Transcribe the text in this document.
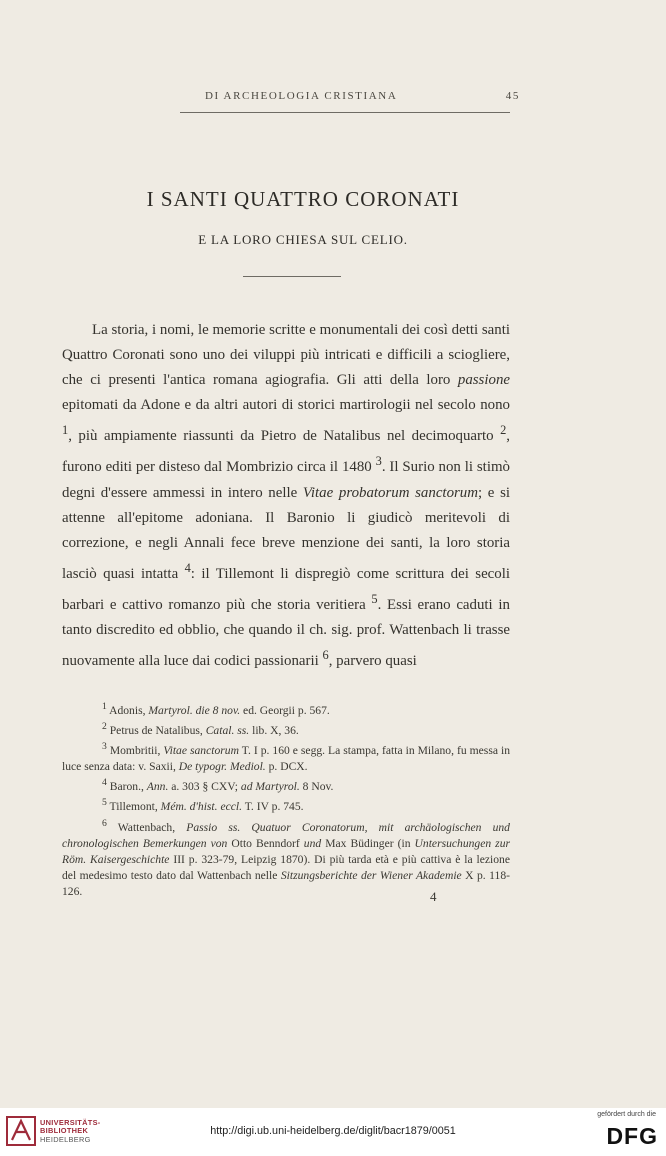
DI ARCHEOLOGIA CRISTIANA	45
I SANTI QUATTRO CORONATI
E LA LORO CHIESA SUL CELIO.

La storia, i nomi, le memorie scritte e monumentali dei così detti santi Quattro Coronati sono uno dei viluppi più intricati e difficili a sciogliere, che ci presenti l'antica romana agiografia. Gli atti della loro passione epitomati da Adone e da altri autori di storici martirologii nel secolo nono $^1$, più ampiamente riassunti da Pietro de Natalibus nel decimoquarto $^2$, furono editi per disteso dal Mombrizio circa il 1480 $^3$. Il Surio non li stimò degni d'essere ammessi in intero nelle Vitae probatorum sanctorum; e si attenne all'epitome adoniana. Il Baronio li giudicò meritevoli di correzione, e negli Annali fece breve menzione dei santi, la loro storia lasciò quasi intatta $^4$: il Tillemont li dispregiò come scrittura dei secoli barbari e cattivo romanzo più che storia veritiera $^5$. Essi erano caduti in tanto discredito ed obblio, che quando il ch. sig. prof. Wattenbach li trasse nuovamente alla luce dai codici passionarii $^6$, parvero quasi

$^1$ Adonis, Martyrol. die 8 nov. ed. Georgii p. 567.
$^2$ Petrus de Natalibus, Catal. ss. lib. X, 36.
$^3$ Mombritii, Vitae sanctorum T. I p. 160 e segg. La stampa, fatta in Milano, fu messa in luce senza data: v. Saxii, De typogr. Mediol. p. DCX.
$^4$ Baron., Ann. a. 303 § CXV; ad Martyrol. 8 Nov.
$^5$ Tillemont, Mém. d'hist. eccl. T. IV p. 745.
$^6$ Wattenbach, Passio ss. Quatuor Coronatorum, mit archäologischen und chronologischen Bemerkungen von Otto Benndorf und Max Büdinger (in Untersuchungen zur Röm. Kaisergeschichte III p. 323-79, Leipzig 1870). Di più tarda età e più cattiva è la lezione del medesimo testo dato dal Wattenbach nelle Sitzungsberichte der Wiener Akademie X p. 118-126.	4
UNIVERSITÄTS-
BIBLIOTHEK
HEIDELBERG
http://digi.ub.uni-heidelberg.de/diglit/bacr1879/0051
gefördert durch die
DFG
